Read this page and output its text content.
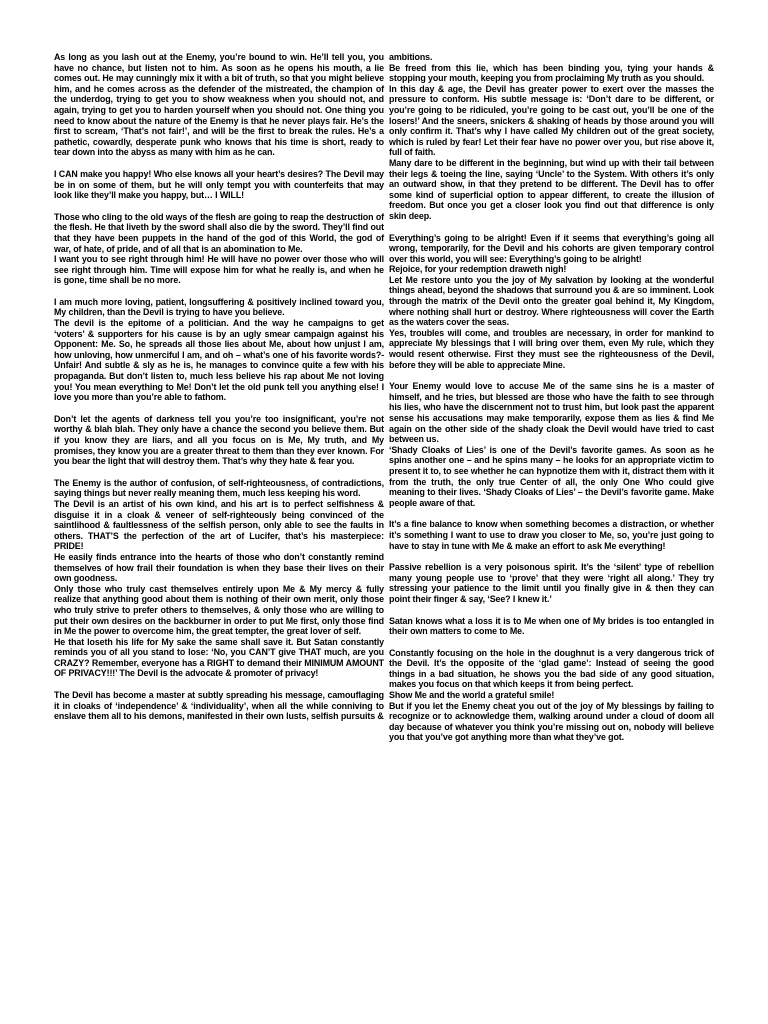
As long as you lash out at the Enemy, you’re bound to win. He’ll tell you, you have no chance, but listen not to him. As soon as he opens his mouth, a lie comes out. He may cunningly mix it with a bit of truth, so that you might believe him, and he comes across as the defender of the mistreated, the champion of the underdog, trying to get you to show weakness when you should not, and again, trying to get you to harden yourself when you should not. One thing you need to know about the nature of the Enemy is that he never plays fair. He’s the first to scream, ‘That’s not fair!’, and will be the first to break the rules. He’s a pathetic, cowardly, desperate punk who knows that his time is short, ready to tear down into the abyss as many with him as he can.
I CAN make you happy! Who else knows all your heart’s desires? The Devil may be in on some of them, but he will only tempt you with counterfeits that may look like they’ll make you happy, but… I WILL!
Those who cling to the old ways of the flesh are going to reap the destruction of the flesh. He that liveth by the sword shall also die by the sword. They’ll find out that they have been puppets in the hand of the god of this World, the god of war, of hate, of pride, and of all that is an abomination to Me.
I want you to see right through him! He will have no power over those who will see right through him. Time will expose him for what he really is, and when he is gone, time shall be no more.
I am much more loving, patient, longsuffering & positively inclined toward you, My children, than the Devil is trying to have you believe.
The devil is the epitome of a politician. And the way he campaigns to get ‘voters’ & supporters for his cause is by an ugly smear campaign against his Opponent: Me. So, he spreads all those lies about Me, about how unjust I am, how unloving, how unmerciful I am, and oh – what’s one of his favorite words?- Unfair! And subtle & sly as he is, he manages to convince quite a few with his propaganda. But don’t listen to, much less believe his rap about Me not loving you! You mean everything to Me! Don’t let the old punk tell you anything else! I love you more than you’re able to fathom.
Don’t let the agents of darkness tell you you’re too insignificant, you’re not worthy & blah blah. They only have a chance the second you believe them. But if you know they are liars, and all you focus on is Me, My truth, and My promises, they know you are a greater threat to them than they ever known. For you bear the light that will destroy them. That’s why they hate & fear you.
The Enemy is the author of confusion, of self-righteousness, of contradictions, saying things but never really meaning them, much less keeping his word.
The Devil is an artist of his own kind, and his art is to perfect selfishness & disguise it in a cloak & veneer of self-righteously being convinced of the saintlihood & faultlessness of the selfish person, only able to see the faults in others. THAT’S the perfection of the art of Lucifer, that’s his masterpiece: PRIDE!
He easily finds entrance into the hearts of those who don’t constantly remind themselves of how frail their foundation is when they base their lives on their own goodness.
Only those who truly cast themselves entirely upon Me & My mercy & fully realize that anything good about them is nothing of their own merit, only those who truly strive to prefer others to themselves, & only those who are willing to put their own desires on the backburner in order to put Me first, only those find in Me the power to overcome him, the great tempter, the great lover of self.
He that loseth his life for My sake the same shall save it. But Satan constantly reminds you of all you stand to lose: ‘No, you CAN’T give THAT much, are you CRAZY? Remember, everyone has a RIGHT to demand their MINIMUM AMOUNT OF PRIVACY!!!’ The Devil is the advocate & promoter of privacy!
The Devil has become a master at subtly spreading his message, camouflaging it in cloaks of ‘independence’ & ‘individuality’, when all the while conniving to enslave them all to his demons, manifested in their own lusts, selfish pursuits &
ambitions.
Be freed from this lie, which has been binding you, tying your hands & stopping your mouth, keeping you from proclaiming My truth as you should.
In this day & age, the Devil has greater power to exert over the masses the pressure to conform. His subtle message is: ‘Don’t dare to be different, or you’re going to be ridiculed, you’re going to be cast out, you’ll be one of the losers!’ And the sneers, snickers & shaking of heads by those around you will only confirm it. That’s why I have called My children out of the great society, which is ruled by fear! Let their fear have no power over you, but rise above it, full of faith.
Many dare to be different in the beginning, but wind up with their tail between their legs & toeing the line, saying ‘Uncle’ to the System. With others it’s only an outward show, in that they pretend to be different. The Devil has to offer some kind of superficial option to appear different, to create the illusion of freedom. But once you get a closer look you find out that difference is only skin deep.
Everything’s going to be alright! Even if it seems that everything’s going all wrong, temporarily, for the Devil and his cohorts are given temporary control over this world, you will see: Everything’s going to be alright!
Rejoice, for your redemption draweth nigh!
Let Me restore unto you the joy of My salvation by looking at the wonderful things ahead, beyond the shadows that surround you & are so imminent. Look through the matrix of the Devil onto the greater goal behind it, My Kingdom, where nothing shall hurt or destroy. Where righteousness will cover the Earth as the waters cover the seas.
Yes, troubles will come, and troubles are necessary, in order for mankind to appreciate My blessings that I will bring over them, even My rule, which they would resent otherwise. First they must see the righteousness of the Devil, before they will be able to appreciate Mine.
Your Enemy would love to accuse Me of the same sins he is a master of himself, and he tries, but blessed are those who have the faith to see through his lies, who have the discernment not to trust him, but look past the apparent sense his accusations may make temporarily, expose them as lies & find Me again on the other side of the shady cloak the Devil would have tried to cast between us.
‘Shady Cloaks of Lies’ is one of the Devil’s favorite games. As soon as he spins another one – and he spins many – he looks for an appropriate victim to present it to, to see whether he can hypnotize them with it, distract them with it from the truth, the only true Center of all, the only One Who could give meaning to their lives. ‘Shady Cloaks of Lies’ – the Devil’s favorite game. Make people aware of that.
It’s a fine balance to know when something becomes a distraction, or whether it’s something I want to use to draw you closer to Me, so, you’re just going to have to stay in tune with Me & make an effort to ask Me everything!
Passive rebellion is a very poisonous spirit. It’s the ‘silent’ type of rebellion many young people use to ‘prove’ that they were ‘right all along.’ They try stressing your patience to the limit until you finally give in & then they can point their finger & say, ‘See? I knew it.’
Satan knows what a loss it is to Me when one of My brides is too entangled in their own matters to come to Me.
Constantly focusing on the hole in the doughnut is a very dangerous trick of the Devil. It’s the opposite of the ‘glad game’: Instead of seeing the good things in a bad situation, he shows you the bad side of any good situation, makes you focus on that which keeps it from being perfect.
Show Me and the world a grateful smile!
But if you let the Enemy cheat you out of the joy of My blessings by failing to recognize or to acknowledge them, walking around under a cloud of doom all day because of whatever you think you’re missing out on, nobody will believe you that you’ve got anything more than what they’ve got.
